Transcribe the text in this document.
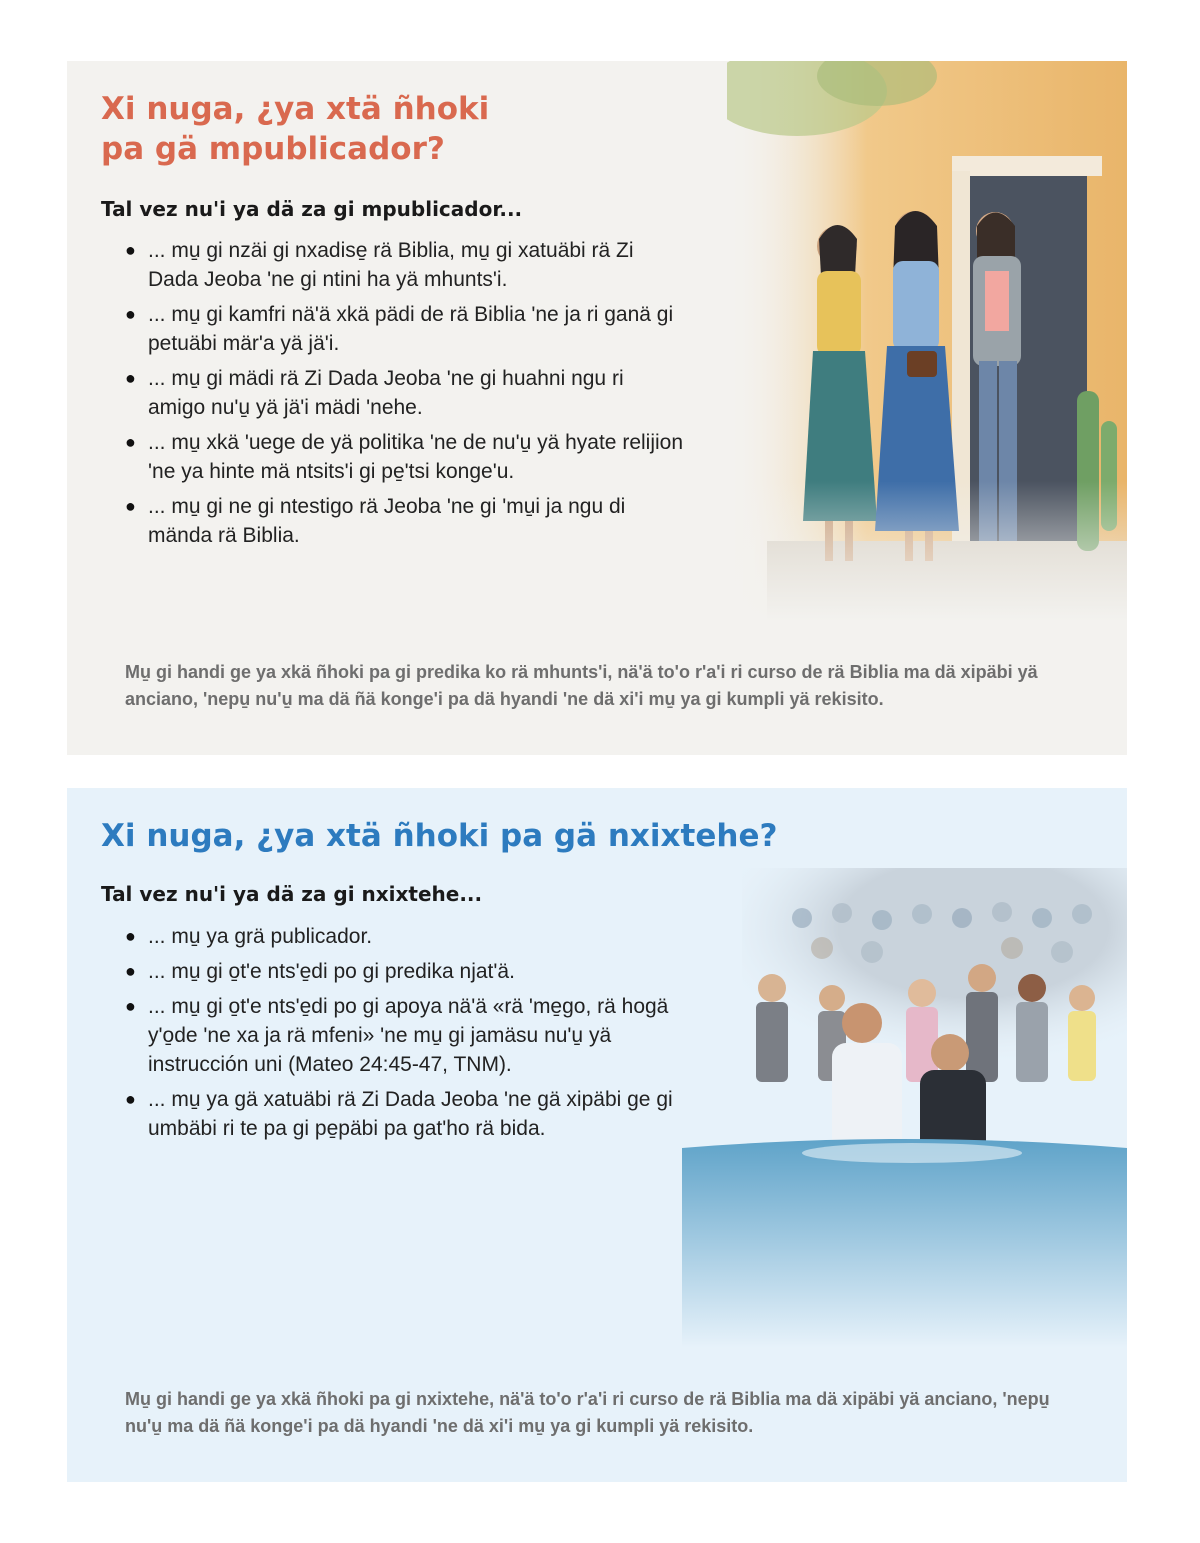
Xi nuga, ¿ya xtä ñhoki pa gä mpublicador?
Tal vez nu'i ya dä za gi mpublicador...
● ... mu̱ gi nzäi gi nxadise̱ rä Biblia, mu̱ gi xatuäbi rä Zi Dada Jeoba 'ne gi ntini ha yä mhunts'i.
● ... mu̱ gi kamfri nä'ä xkä pädi de rä Biblia 'ne ja ri ganä gi petuäbi mär'a yä jä'i.
● ... mu̱ gi mädi rä Zi Dada Jeoba 'ne gi huahni ngu ri amigo nu'u̱ yä jä'i mädi 'nehe.
● ... mu̱ xkä 'uege de yä politika 'ne de nu'u̱ yä hyate relijion 'ne ya hinte mä ntsits'i gi pe̱'tsi konge'u.
● ... mu̱ gi ne gi ntestigo rä Jeoba 'ne gi 'mu̱i ja ngu di mända rä Biblia.

Mu̱ gi handi ge ya xkä ñhoki pa gi predika ko rä mhunts'i, nä'ä to'o r'a'i ri curso de rä Biblia ma dä xipäbi yä anciano, 'nepu̱ nu'u̱ ma dä ñä konge'i pa dä hyandi 'ne dä xi'i mu̱ ya gi kumpli yä rekisito.

Xi nuga, ¿ya xtä ñhoki pa gä nxixtehe?
Tal vez nu'i ya dä za gi nxixtehe...
● ... mu̱ ya grä publicador.
● ... mu̱ gi o̱t'e nts'e̱di po gi predika njat'ä.
● ... mu̱ gi o̱t'e nts'e̱di po gi apoya nä'ä «rä 'me̱go, rä hogä y'o̱de 'ne xa ja rä mfeni» 'ne mu̱ gi jamäsu nu'u̱ yä instrucción uni (Mateo 24:45-47, TNM).
● ... mu̱ ya gä xatuäbi rä Zi Dada Jeoba 'ne gä xipäbi ge gi umbäbi ri te pa gi pe̱päbi pa gat'ho rä bida.

Mu̱ gi handi ge ya xkä ñhoki pa gi nxixtehe, nä'ä to'o r'a'i ri curso de rä Biblia ma dä xipäbi yä anciano, 'nepu̱ nu'u̱ ma dä ñä konge'i pa dä hyandi 'ne dä xi'i mu̱ ya gi kumpli yä rekisito.
